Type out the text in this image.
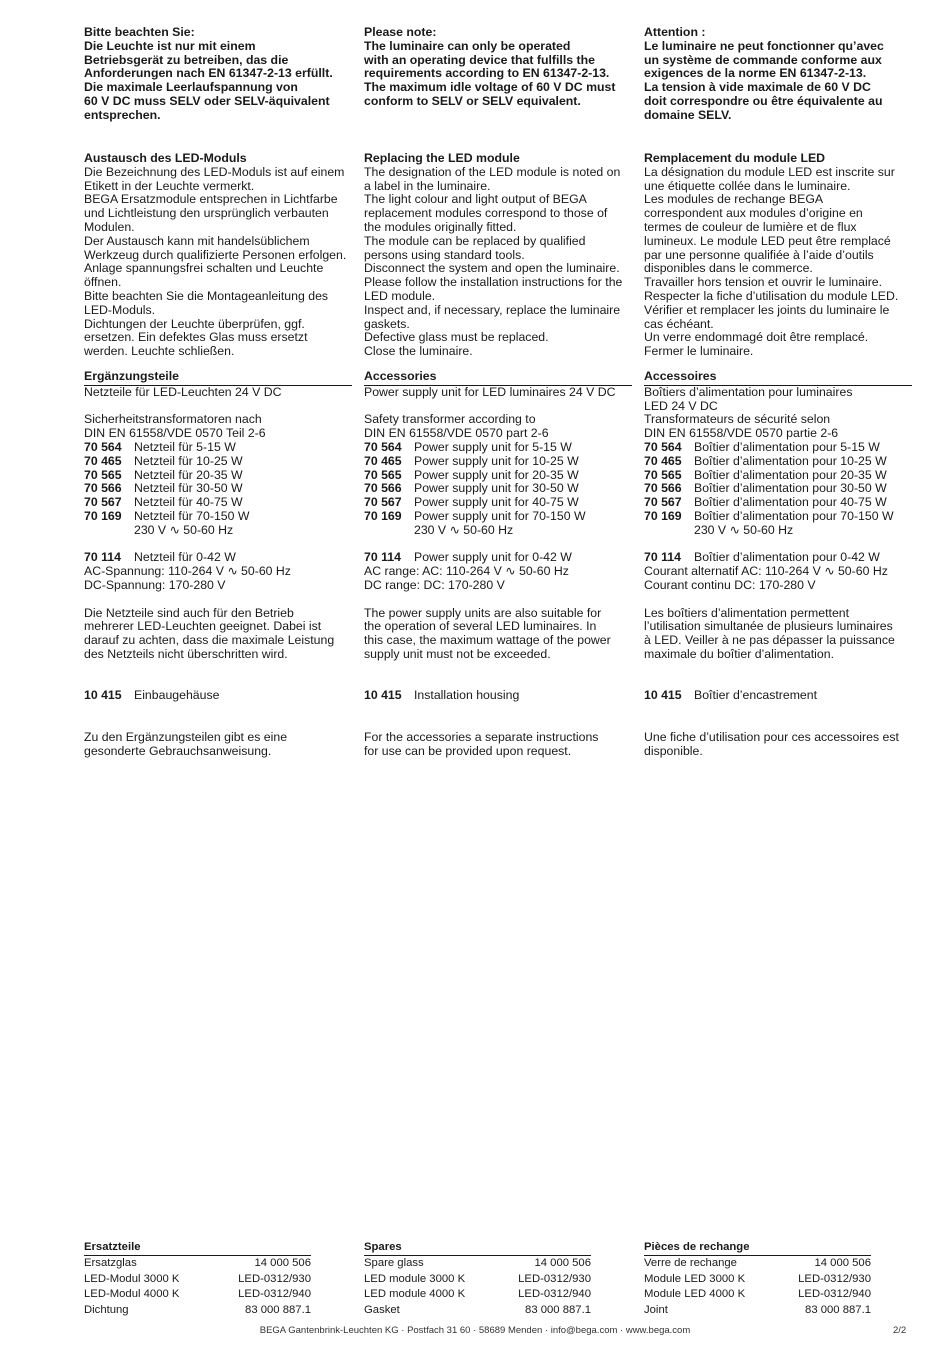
Bitte beachten Sie:
Die Leuchte ist nur mit einem
Betriebsgerät zu betreiben, das die
Anforderungen nach EN 61347-2-13 erfüllt.
Die maximale Leerlaufspannung von
60 V DC muss SELV oder SELV-äquivalent
entsprechen.
Austausch des LED-Moduls
Die Bezeichnung des LED-Moduls ist auf einem
Etikett in der Leuchte vermerkt.
BEGA Ersatzmodule entsprechen in Lichtfarbe
und Lichtleistung den ursprünglich verbauten
Modulen.
Der Austausch kann mit handelsüblichem
Werkzeug durch qualifizierte Personen erfolgen.
Anlage spannungsfrei schalten und Leuchte
öffnen.
Bitte beachten Sie die Montageanleitung des
LED-Moduls.
Dichtungen der Leuchte überprüfen, ggf.
ersetzen. Ein defektes Glas muss ersetzt
werden. Leuchte schließen.
Ergänzungsteile
Netzteile für LED-Leuchten 24 V DC
Sicherheitstransformatoren nach
DIN EN 61558/VDE 0570 Teil 2-6
70 564	Netzteil für 5-15 W
70 465	Netzteil für 10-25 W
70 565	Netzteil für 20-35 W
70 566	Netzteil für 30-50 W
70 567	Netzteil für 40-75 W
70 169	Netzteil für 70-150 W
230 V ∿ 50-60 Hz
70 114	Netzteil für 0-42 W
AC-Spannung: 110-264 V ∿ 50-60 Hz
DC-Spannung: 170-280 V
Die Netzteile sind auch für den Betrieb
mehrerer LED-Leuchten geeignet. Dabei ist
darauf zu achten, dass die maximale Leistung
des Netzteils nicht überschritten wird.
10 415	Einbaugehäuse
Zu den Ergänzungsteilen gibt es eine
gesonderte Gebrauchsanweisung.
Please note:
The luminaire can only be operated
with an operating device that fulfills the
requirements according to EN 61347-2-13.
The maximum idle voltage of 60 V DC must
conform to SELV or SELV equivalent.
Replacing the LED module
The designation of the LED module is noted on
a label in the luminaire.
The light colour and light output of BEGA
replacement modules correspond to those of
the modules originally fitted.
The module can be replaced by qualified
persons using standard tools.
Disconnect the system and open the luminaire.
Please follow the installation instructions for the
LED module.
Inspect and, if necessary, replace the luminaire
gaskets.
Defective glass must be replaced.
Close the luminaire.
Accessories
Power supply unit for LED luminaires 24 V DC
Safety transformer according to
DIN EN 61558/VDE 0570 part 2-6
70 564	Power supply unit for 5-15 W
70 465	Power supply unit for 10-25 W
70 565	Power supply unit for 20-35 W
70 566	Power supply unit for 30-50 W
70 567	Power supply unit for 40-75 W
70 169	Power supply unit for 70-150 W
230 V ∿ 50-60 Hz
70 114	Power supply unit for 0-42 W
AC range: AC: 110-264 V ∿ 50-60 Hz
DC range: DC: 170-280 V
The power supply units are also suitable for
the operation of several LED luminaires. In
this case, the maximum wattage of the power
supply unit must not be exceeded.
10 415	Installation housing
For the accessories a separate instructions
for use can be provided upon request.
Attention :
Le luminaire ne peut fonctionner qu’avec
un système de commande conforme aux
exigences de la norme EN 61347-2-13.
La tension à vide maximale de 60 V DC
doit correspondre ou être équivalente au
domaine SELV.
Remplacement du module LED
La désignation du module LED est inscrite sur
une étiquette collée dans le luminaire.
Les modules de rechange BEGA
correspondent aux modules d’origine en
termes de couleur de lumière et de flux
lumineux. Le module LED peut être remplacé
par une personne qualifiée à l’aide d’outils
disponibles dans le commerce.
Travailler hors tension et ouvrir le luminaire.
Respecter la fiche d’utilisation du module LED.
Vérifier et remplacer les joints du luminaire le
cas échéant.
Un verre endommagé doit être remplacé.
Fermer le luminaire.
Accessoires
Boîtiers d’alimentation pour luminaires
LED 24 V DC
Transformateurs de sécurité selon
DIN EN 61558/VDE 0570 partie 2-6
70 564	Boîtier d’alimentation pour 5-15 W
70 465	Boîtier d’alimentation pour 10-25 W
70 565	Boîtier d’alimentation pour 20-35 W
70 566	Boîtier d’alimentation pour 30-50 W
70 567	Boîtier d’alimentation pour 40-75 W
70 169	Boîtier d’alimentation pour 70-150 W
230 V ∿ 50-60 Hz
70 114	Boîtier d’alimentation pour 0-42 W
Courant alternatif AC: 110-264 V ∿ 50-60 Hz
Courant continu DC: 170-280 V
Les boîtiers d’alimentation permettent
l’utilisation simultanée de plusieurs luminaires
à LED. Veiller à ne pas dépasser la puissance
maximale du boîtier d’alimentation.
10 415	Boîtier d’encastrement
Une fiche d’utilisation pour ces accessoires est
disponible.
Ersatzteile
Ersatzglas	14 000 506
LED-Modul 3000 K	LED-0312/930
LED-Modul 4000 K	LED-0312/940
Dichtung	83 000 887.1
Spares
Spare glass	14 000 506
LED module 3000 K	LED-0312/930
LED module 4000 K	LED-0312/940
Gasket	83 000 887.1
Pièces de rechange
Verre de rechange	14 000 506
Module LED 3000 K	LED-0312/930
Module LED 4000 K	LED-0312/940
Joint	83 000 887.1
BEGA Gantenbrink-Leuchten KG · Postfach 31 60 · 58689 Menden · info@bega.com · www.bega.com	2/2
